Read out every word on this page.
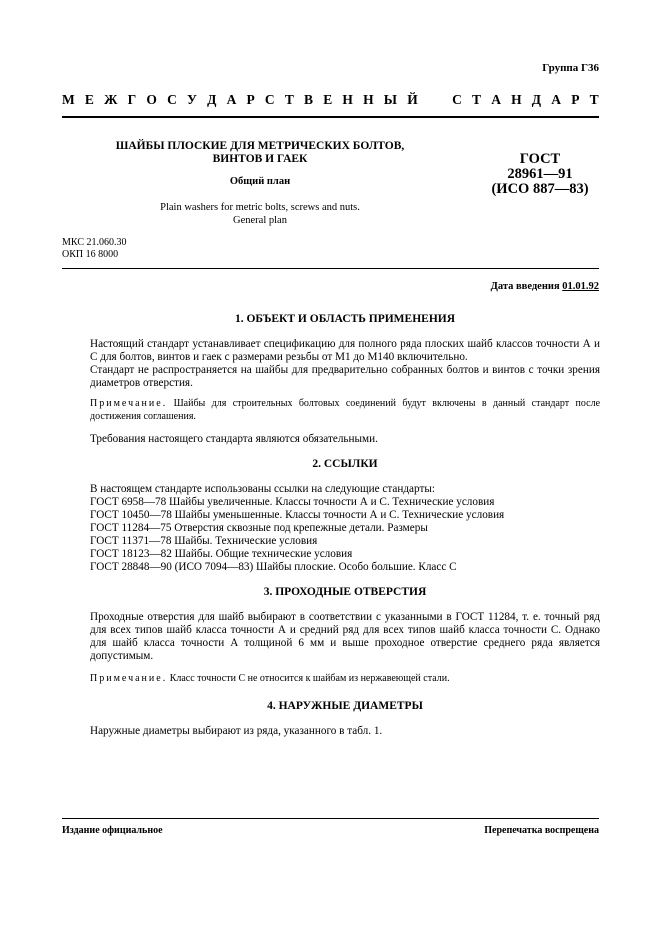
Группа Г36
М Е Ж Г О С У Д А Р С Т В Е Н Н Ы Й	С Т А Н Д А Р Т
ШАЙБЫ ПЛОСКИЕ ДЛЯ МЕТРИЧЕСКИХ БОЛТОВ,
ВИНТОВ И ГАЕК
Общий план
Plain washers for metric bolts, screws and nuts.
General plan
ГОСТ
28961—91
(ИСО 887—83)
МКС 21.060.30
ОКП 16 8000
Дата введения 01.01.92
1. ОБЪЕКТ И ОБЛАСТЬ ПРИМЕНЕНИЯ

Настоящий стандарт устанавливает спецификацию для полного ряда плоских шайб классов точности А и С для болтов, винтов и гаек с размерами резьбы от М1 до М140 включительно.

Стандарт не распространяется на шайбы для предварительно собранных болтов и винтов с точки зрения диаметров отверстия.

Примечание. Шайбы для строительных болтовых соединений будут включены в данный стандарт после достижения соглашения.

Требования настоящего стандарта являются обязательными.

2. ССЫЛКИ

В настоящем стандарте использованы ссылки на следующие стандарты:

ГОСТ 6958—78 Шайбы увеличенные. Классы точности А и С. Технические условия
ГОСТ 10450—78 Шайбы уменьшенные. Классы точности А и С. Технические условия
ГОСТ 11284—75 Отверстия сквозные под крепежные детали. Размеры
ГОСТ 11371—78 Шайбы. Технические условия
ГОСТ 18123—82 Шайбы. Общие технические условия
ГОСТ 28848—90 (ИСО 7094—83) Шайбы плоские. Особо большие. Класс С
3. ПРОХОДНЫЕ ОТВЕРСТИЯ

Проходные отверстия для шайб выбирают в соответствии с указанными в ГОСТ 11284, т. е. точный ряд для всех типов шайб класса точности А и средний ряд для всех типов шайб класса точности С. Однако для шайб класса точности А толщиной 6 мм и выше проходное отверстие среднего ряда является допустимым.

Примечание. Класс точности С не относится к шайбам из нержавеющей стали.

4. НАРУЖНЫЕ ДИАМЕТРЫ

Наружные диаметры выбирают из ряда, указанного в табл. 1.

Издание официальное	Перепечатка воспрещена
